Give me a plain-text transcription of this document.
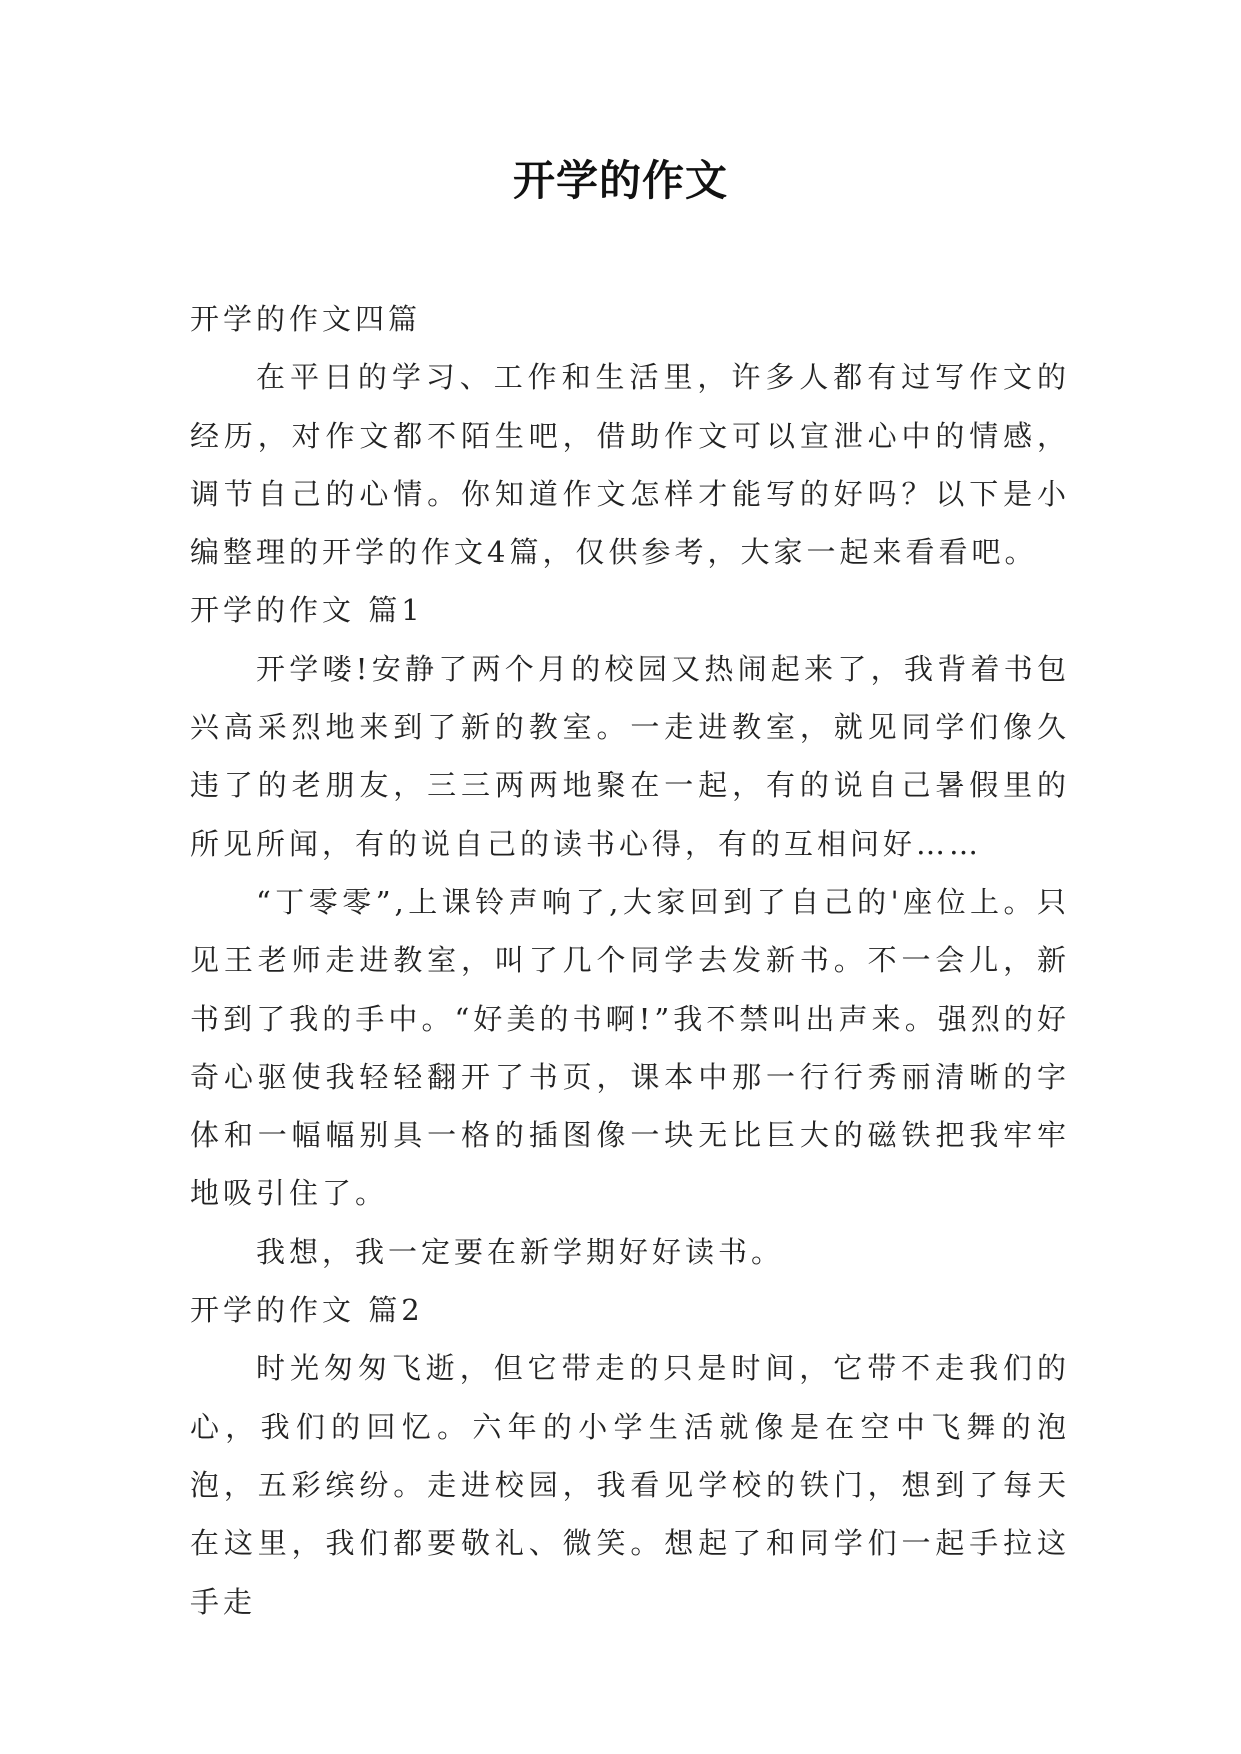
开学的作文

开学的作文四篇

在平日的学习、工作和生活里，许多人都有过写作文的经历，对作文都不陌生吧，借助作文可以宣泄心中的情感，调节自己的心情。你知道作文怎样才能写的好吗？以下是小编整理的开学的作文4篇，仅供参考，大家一起来看看吧。

开学的作文 篇1

开学喽!安静了两个月的校园又热闹起来了，我背着书包兴高采烈地来到了新的教室。一走进教室，就见同学们像久违了的老朋友，三三两两地聚在一起，有的说自己暑假里的所见所闻，有的说自己的读书心得，有的互相问好……

“丁零零”,上课铃声响了,大家回到了自己的'座位上。只见王老师走进教室，叫了几个同学去发新书。不一会儿，新书到了我的手中。“好美的书啊!”我不禁叫出声来。强烈的好奇心驱使我轻轻翻开了书页，课本中那一行行秀丽清晰的字体和一幅幅别具一格的插图像一块无比巨大的磁铁把我牢牢地吸引住了。

我想，我一定要在新学期好好读书。

开学的作文 篇2

时光匆匆飞逝，但它带走的只是时间，它带不走我们的心，我们的回忆。六年的小学生活就像是在空中飞舞的泡泡，五彩缤纷。走进校园，我看见学校的铁门，想到了每天在这里，我们都要敬礼、微笑。想起了和同学们一起手拉这手走
